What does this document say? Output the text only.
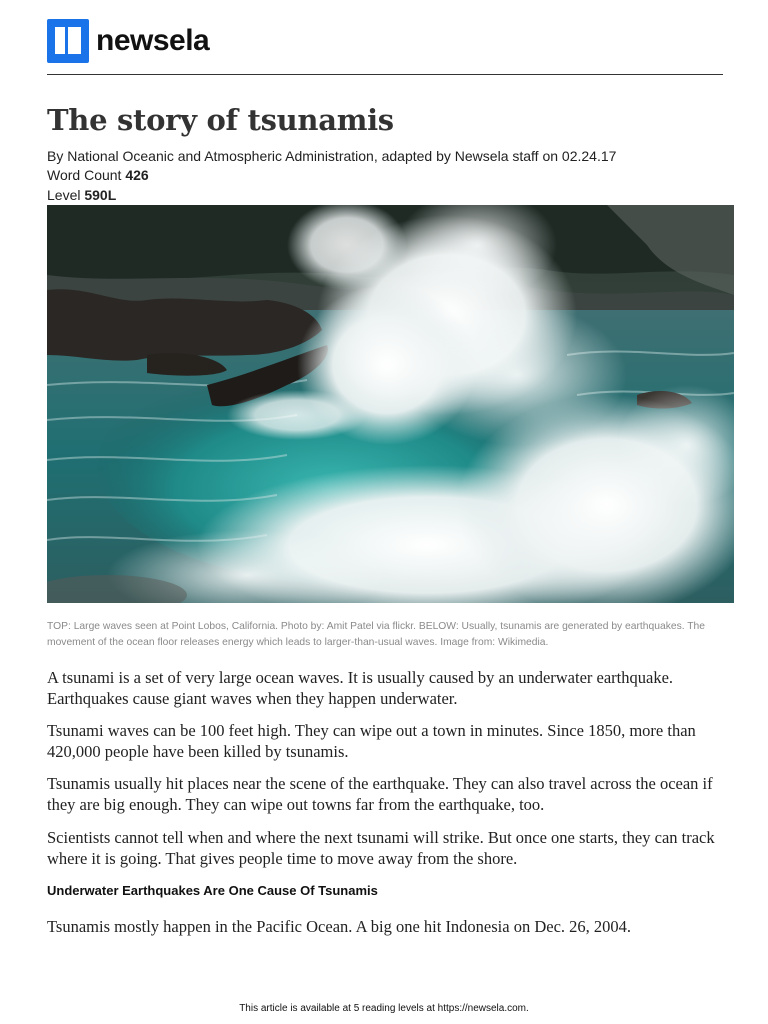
newsela
The story of tsunamis
By National Oceanic and Atmospheric Administration, adapted by Newsela staff on 02.24.17
Word Count 426
Level 590L
TOP: Large waves seen at Point Lobos, California. Photo by: Amit Patel via flickr. BELOW: Usually, tsunamis are generated by earthquakes. The movement of the ocean floor releases energy which leads to larger-than-usual waves. Image from: Wikimedia.

A tsunami is a set of very large ocean waves. It is usually caused by an underwater earthquake. Earthquakes cause giant waves when they happen underwater.

Tsunami waves can be 100 feet high. They can wipe out a town in minutes. Since 1850, more than 420,000 people have been killed by tsunamis.

Tsunamis usually hit places near the scene of the earthquake. They can also travel across the ocean if they are big enough. They can wipe out towns far from the earthquake, too.

Scientists cannot tell when and where the next tsunami will strike. But once one starts, they can track where it is going. That gives people time to move away from the shore.

Underwater Earthquakes Are One Cause Of Tsunamis

Tsunamis mostly happen in the Pacific Ocean. A big one hit Indonesia on Dec. 26, 2004.

This article is available at 5 reading levels at https://newsela.com.
